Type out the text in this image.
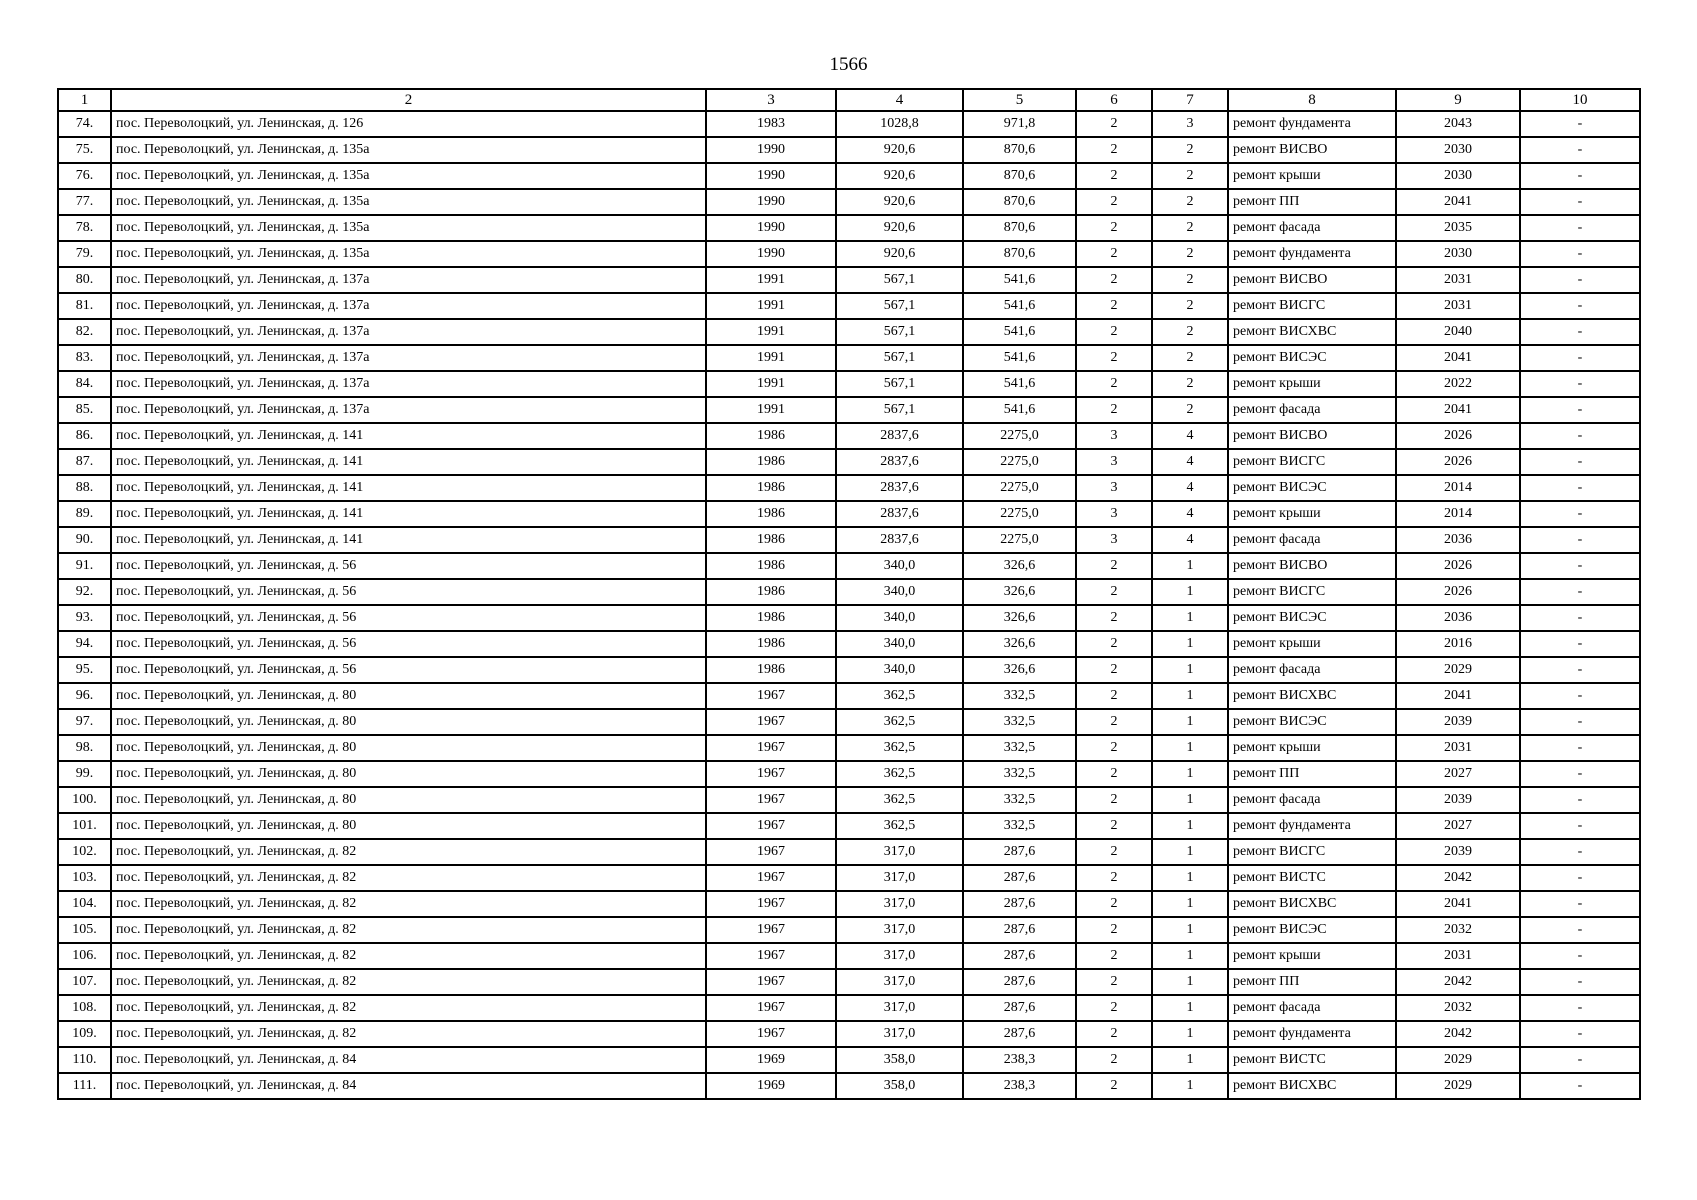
1566
1	2	3	4	5	6	7	8	9	10
74.	пос. Переволоцкий, ул. Ленинская, д. 126	1983	1028,8	971,8	2	3	ремонт фундамента	2043	-
75.	пос. Переволоцкий, ул. Ленинская, д. 135а	1990	920,6	870,6	2	2	ремонт ВИСВО	2030	-
76.	пос. Переволоцкий, ул. Ленинская, д. 135а	1990	920,6	870,6	2	2	ремонт крыши	2030	-
77.	пос. Переволоцкий, ул. Ленинская, д. 135а	1990	920,6	870,6	2	2	ремонт ПП	2041	-
78.	пос. Переволоцкий, ул. Ленинская, д. 135а	1990	920,6	870,6	2	2	ремонт фасада	2035	-
79.	пос. Переволоцкий, ул. Ленинская, д. 135а	1990	920,6	870,6	2	2	ремонт фундамента	2030	-
80.	пос. Переволоцкий, ул. Ленинская, д. 137а	1991	567,1	541,6	2	2	ремонт ВИСВО	2031	-
81.	пос. Переволоцкий, ул. Ленинская, д. 137а	1991	567,1	541,6	2	2	ремонт ВИСГС	2031	-
82.	пос. Переволоцкий, ул. Ленинская, д. 137а	1991	567,1	541,6	2	2	ремонт ВИСХВС	2040	-
83.	пос. Переволоцкий, ул. Ленинская, д. 137а	1991	567,1	541,6	2	2	ремонт ВИСЭС	2041	-
84.	пос. Переволоцкий, ул. Ленинская, д. 137а	1991	567,1	541,6	2	2	ремонт крыши	2022	-
85.	пос. Переволоцкий, ул. Ленинская, д. 137а	1991	567,1	541,6	2	2	ремонт фасада	2041	-
86.	пос. Переволоцкий, ул. Ленинская, д. 141	1986	2837,6	2275,0	3	4	ремонт ВИСВО	2026	-
87.	пос. Переволоцкий, ул. Ленинская, д. 141	1986	2837,6	2275,0	3	4	ремонт ВИСГС	2026	-
88.	пос. Переволоцкий, ул. Ленинская, д. 141	1986	2837,6	2275,0	3	4	ремонт ВИСЭС	2014	-
89.	пос. Переволоцкий, ул. Ленинская, д. 141	1986	2837,6	2275,0	3	4	ремонт крыши	2014	-
90.	пос. Переволоцкий, ул. Ленинская, д. 141	1986	2837,6	2275,0	3	4	ремонт фасада	2036	-
91.	пос. Переволоцкий, ул. Ленинская, д. 56	1986	340,0	326,6	2	1	ремонт ВИСВО	2026	-
92.	пос. Переволоцкий, ул. Ленинская, д. 56	1986	340,0	326,6	2	1	ремонт ВИСГС	2026	-
93.	пос. Переволоцкий, ул. Ленинская, д. 56	1986	340,0	326,6	2	1	ремонт ВИСЭС	2036	-
94.	пос. Переволоцкий, ул. Ленинская, д. 56	1986	340,0	326,6	2	1	ремонт крыши	2016	-
95.	пос. Переволоцкий, ул. Ленинская, д. 56	1986	340,0	326,6	2	1	ремонт фасада	2029	-
96.	пос. Переволоцкий, ул. Ленинская, д. 80	1967	362,5	332,5	2	1	ремонт ВИСХВС	2041	-
97.	пос. Переволоцкий, ул. Ленинская, д. 80	1967	362,5	332,5	2	1	ремонт ВИСЭС	2039	-
98.	пос. Переволоцкий, ул. Ленинская, д. 80	1967	362,5	332,5	2	1	ремонт крыши	2031	-
99.	пос. Переволоцкий, ул. Ленинская, д. 80	1967	362,5	332,5	2	1	ремонт ПП	2027	-
100.	пос. Переволоцкий, ул. Ленинская, д. 80	1967	362,5	332,5	2	1	ремонт фасада	2039	-
101.	пос. Переволоцкий, ул. Ленинская, д. 80	1967	362,5	332,5	2	1	ремонт фундамента	2027	-
102.	пос. Переволоцкий, ул. Ленинская, д. 82	1967	317,0	287,6	2	1	ремонт ВИСГС	2039	-
103.	пос. Переволоцкий, ул. Ленинская, д. 82	1967	317,0	287,6	2	1	ремонт ВИСТС	2042	-
104.	пос. Переволоцкий, ул. Ленинская, д. 82	1967	317,0	287,6	2	1	ремонт ВИСХВС	2041	-
105.	пос. Переволоцкий, ул. Ленинская, д. 82	1967	317,0	287,6	2	1	ремонт ВИСЭС	2032	-
106.	пос. Переволоцкий, ул. Ленинская, д. 82	1967	317,0	287,6	2	1	ремонт крыши	2031	-
107.	пос. Переволоцкий, ул. Ленинская, д. 82	1967	317,0	287,6	2	1	ремонт ПП	2042	-
108.	пос. Переволоцкий, ул. Ленинская, д. 82	1967	317,0	287,6	2	1	ремонт фасада	2032	-
109.	пос. Переволоцкий, ул. Ленинская, д. 82	1967	317,0	287,6	2	1	ремонт фундамента	2042	-
110.	пос. Переволоцкий, ул. Ленинская, д. 84	1969	358,0	238,3	2	1	ремонт ВИСТС	2029	-
111.	пос. Переволоцкий, ул. Ленинская, д. 84	1969	358,0	238,3	2	1	ремонт ВИСХВС	2029	-
